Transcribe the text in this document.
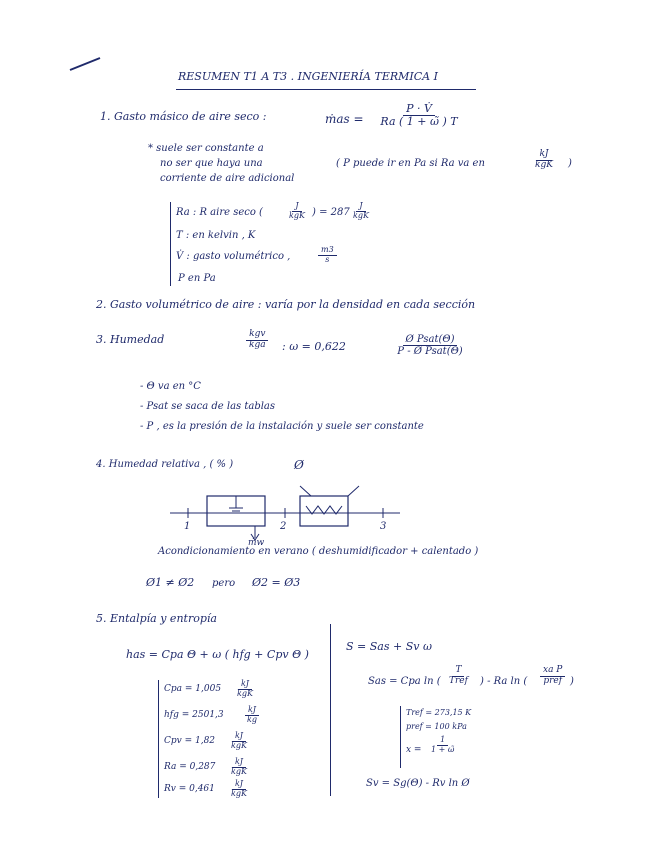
RESUMEN T1 A T3 . INGENIERÍA TERMICA I
1. Gasto másico de aire seco :	ṁas = $\frac{P \cdot V̇}{Ra ( 1 + \omegã ) T}$
* suele ser constante a
no ser que haya una
corriente de aire adicional
( P puede ir en Pa si Ra va en
kJ
kgK	)
Ra : R aire seco (
J
kgK ) = 287
J
kgK
T : en kelvin , K
V̇ : gasto volumétrico ,	$\frac{m3}{s}$
P en Pa
2. Gasto volumétrico de aire : varía por la densidad en cada sección
3. Humedad	kgv
kga : ω = 0,622
Ø Psat(Θ)
P - Ø Psat(Θ)
- Θ va en °C
- Psat se saca de las tablas
- P , es la presión de la instalación y suele ser constante
4. Humedad relativa , ( % )	Ø
1	2	3
ṁw
Acondicionamiento en verano ( deshumidificador + calentado )
Ø1 ≠ Ø2 pero Ø2 = Ø3
5. Entalpía y entropía
has = Cpa Θ + ω ( hfg + Cpv Θ )
Cpa = 1,005
kJ
kgK
hfg = 2501,3	$\frac{kJ}{kg}$
Cpv = 1,82
kJ
kgK
Ra = 0,287
kJ
kgK
Rv = 0,461
kJ
kgK
S = Sas + Sv ω
Sas = Cpa ln (
T
Tref	) - Ra ln (
xa P
pref )
Tref = 273,15 K
pref = 100 kPa
$x = \frac{1}{1 + \omegã}$
Sv = Sg(Θ) - Rv ln Ø
